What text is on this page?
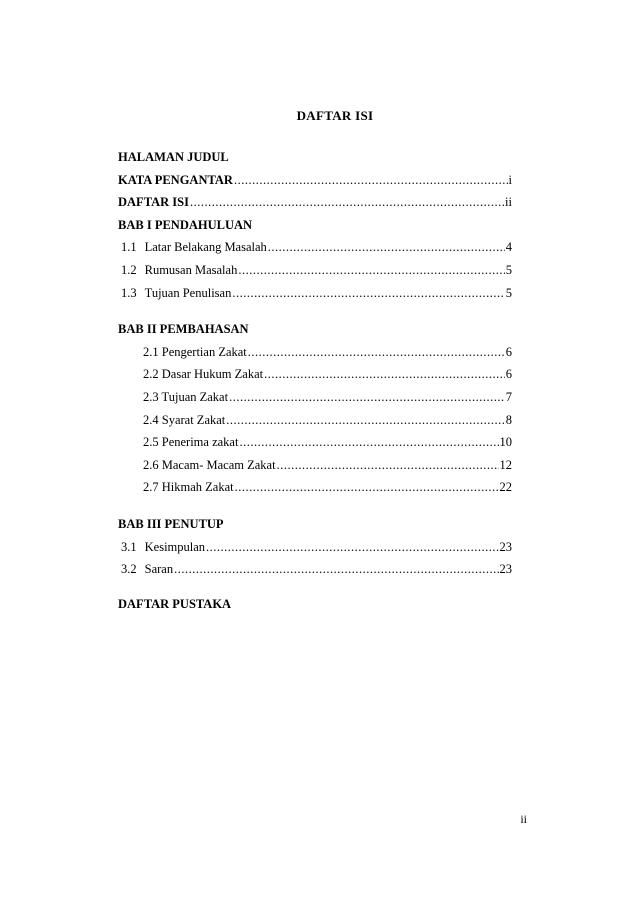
DAFTAR ISI
HALAMAN JUDUL
KATA PENGANTAR .....	i
DAFTAR ISI .....	ii
BAB I PENDAHULUAN
1.1 Latar Belakang Masalah .....	4
1.2 Rumusan Masalah .....	5
1.3 Tujuan Penulisan .....	5
BAB II PEMBAHASAN
2.1 Pengertian Zakat .....	6
2.2 Dasar Hukum Zakat .....	6
2.3 Tujuan Zakat .....	7
2.4 Syarat Zakat .....	8
2.5 Penerima zakat .....	10
2.6 Macam- Macam Zakat .....	12
2.7 Hikmah Zakat .....	22
BAB III PENUTUP
3.1 Kesimpulan .....	23
3.2 Saran .....	23
DAFTAR PUSTAKA
ii
